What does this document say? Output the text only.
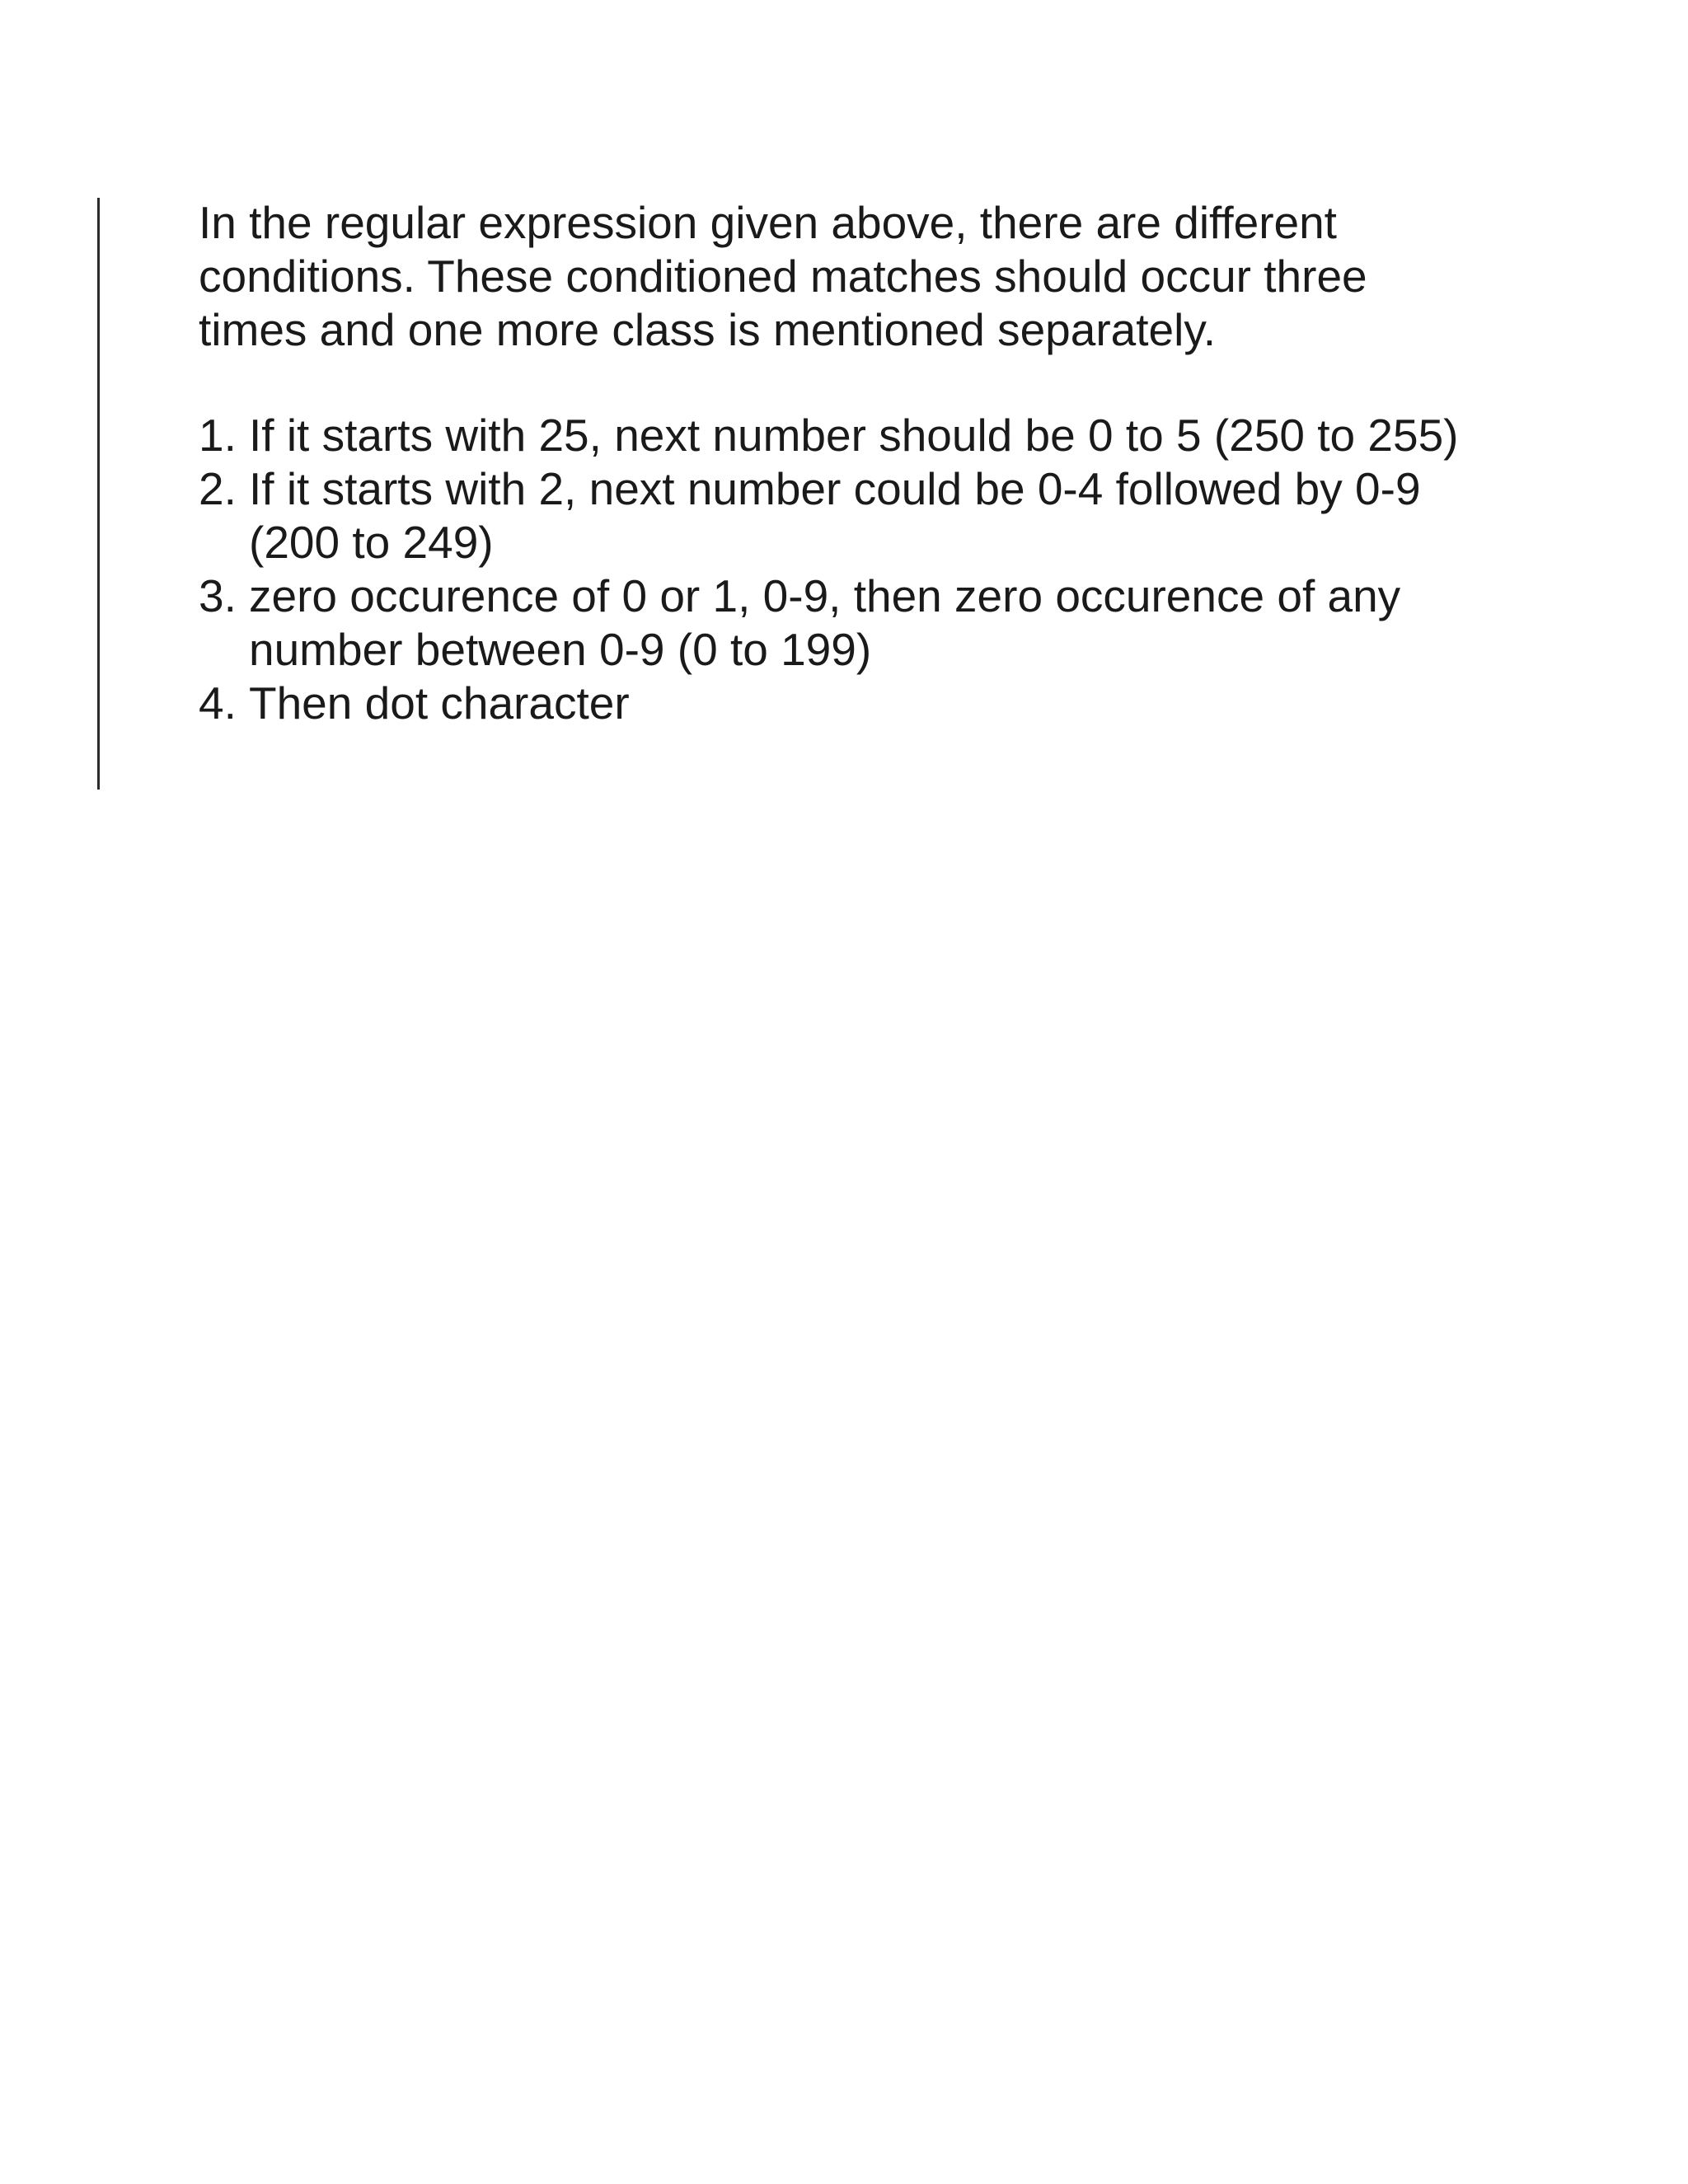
In the regular expression given above, there are different conditions. These conditioned matches should occur three times and one more class is mentioned separately.

1. If it starts with 25, next number should be 0 to 5 (250 to 255)
2. If it starts with 2, next number could be 0-4 followed by 0-9 (200 to 249)
3. zero occurence of 0 or 1, 0-9, then zero occurence of any number between 0-9 (0 to 199)
4. Then dot character
